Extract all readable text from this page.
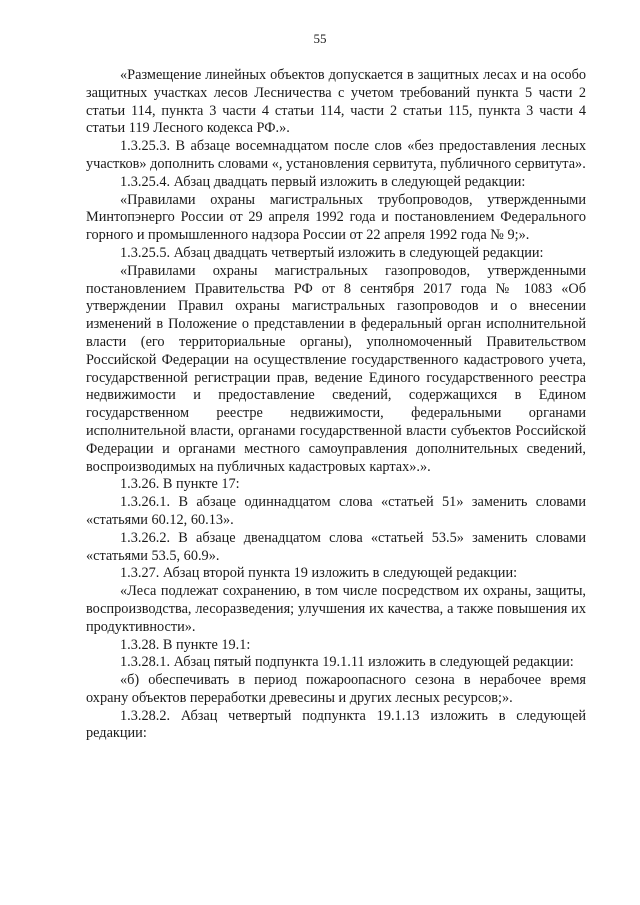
55

«Размещение линейных объектов допускается в защитных лесах и на особо защитных участках лесов Лесничества с учетом требований пункта 5 части 2 статьи 114, пункта 3 части 4 статьи 114, части 2 статьи 115, пункта 3 части 4 статьи 119 Лесного кодекса РФ.».

1.3.25.3. В абзаце восемнадцатом после слов «без предоставления лесных участков» дополнить словами «, установления сервитута, публичного сервитута».

1.3.25.4. Абзац двадцать первый изложить в следующей редакции:

«Правилами охраны магистральных трубопроводов, утвержденными Минтопэнерго России от 29 апреля 1992 года и постановлением Федерального горного и промышленного надзора России от 22 апреля 1992 года № 9;».

1.3.25.5. Абзац двадцать четвертый изложить в следующей редакции:

«Правилами охраны магистральных газопроводов, утвержденными постановлением Правительства РФ от 8 сентября 2017 года № 1083 «Об утверждении Правил охраны магистральных газопроводов и о внесении изменений в Положение о представлении в федеральный орган исполнительной власти (его территориальные органы), уполномоченный Правительством Российской Федерации на осуществление государственного кадастрового учета, государственной регистрации прав, ведение Единого государственного реестра недвижимости и предоставление сведений, содержащихся в Едином государственном реестре недвижимости, федеральными органами исполнительной власти, органами государственной власти субъектов Российской Федерации и органами местного самоуправления дополнительных сведений, воспроизводимых на публичных кадастровых картах».».

1.3.26. В пункте 17:

1.3.26.1. В абзаце одиннадцатом слова «статьей 51» заменить словами «статьями 60.12, 60.13».

1.3.26.2. В абзаце двенадцатом слова «статьей 53.5» заменить словами «статьями 53.5, 60.9».

1.3.27. Абзац второй пункта 19 изложить в следующей редакции:

«Леса подлежат сохранению, в том числе посредством их охраны, защиты, воспроизводства, лесоразведения; улучшения их качества, а также повышения их продуктивности».

1.3.28. В пункте 19.1:

1.3.28.1. Абзац пятый подпункта 19.1.11 изложить в следующей редакции:

«б) обеспечивать в период пожароопасного сезона в нерабочее время охрану объектов переработки древесины и других лесных ресурсов;».

1.3.28.2. Абзац четвертый подпункта 19.1.13 изложить в следующей редакции:
